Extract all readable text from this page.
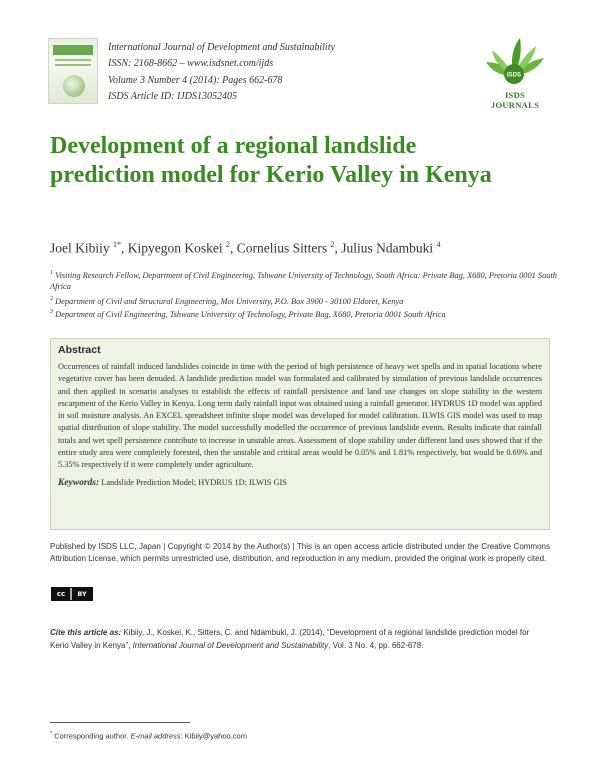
International Journal of Development and Sustainability
ISSN: 2168-8662 – www.isdsnet.com/ijds
Volume 3 Number 4 (2014): Pages 662-678
ISDS Article ID: IJDS13052405
ISDS
ISDS JOURNALS
Development of a regional landslide prediction model for Kerio Valley in Kenya
Joel Kibiiy $^{1*}$, Kipyegon Koskei $^2$, Cornelius Sitters $^2$, Julius Ndambuki $^4$
$^1$ Visiting Research Fellow, Department of Civil Engineering, Tshwane University of Technology, South Africa: Private Bag, X680, Pretoria 0001 South Africa
$^2$ Department of Civil and Structural Engineering, Moi University, P.O. Box 3900 - 30100 Eldoret, Kenya
$^3$ Department of Civil Engineering, Tshwane University of Technology, Private Bag, X680, Pretoria 0001 South Africa
Abstract
Occurrences of rainfall induced landslides coincide in time with the period of high persistence of heavy wet spells and in spatial locations where vegetative cover has been denuded. A landslide prediction model was formulated and calibrated by simulation of previous landslide occurrences and then applied in scenario analyses to establish the effects of rainfall persistence and land use changes on slope stability in the western escarpment of the Kerio Valley in Kenya. Long term daily rainfall input was obtained using a rainfall generator. HYDRUS 1D model was applied in soil moisture analysis. An EXCEL spreadsheet infinite slope model was developed for model calibration. ILWIS GIS model was used to map spatial distribution of slope stability. The model successfully modelled the occurrence of previous landslide events. Results indicate that rainfall totals and wet spell persistence contribute to increase in unstable areas. Assessment of slope stability under different land uses showed that if the entire study area were completely forested, then the unstable and critical areas would be 0.05% and 1.81% respectively, but would be 0.69% and 5.35% respectively if it were completely under agriculture.
Keywords: Landslide Prediction Model; HYDRUS 1D; ILWIS GIS
Published by ISDS LLC, Japan | Copyright © 2014 by the Author(s) | This is an open access article distributed under the Creative Commons Attribution License, which permits unrestricted use, distribution, and reproduction in any medium, provided the original work is properly cited.
cc	BY
Cite this article as: Kibiiy, J., Koskei, K., Sitters, C. and Ndambuki, J. (2014), “Development of a regional landslide prediction model for Kerio Valley in Kenya”, International Journal of Development and Sustainability, Vol. 3 No. 4, pp. 662-678.
* Corresponding author. E-mail address: Kibiiy@yahoo.com
